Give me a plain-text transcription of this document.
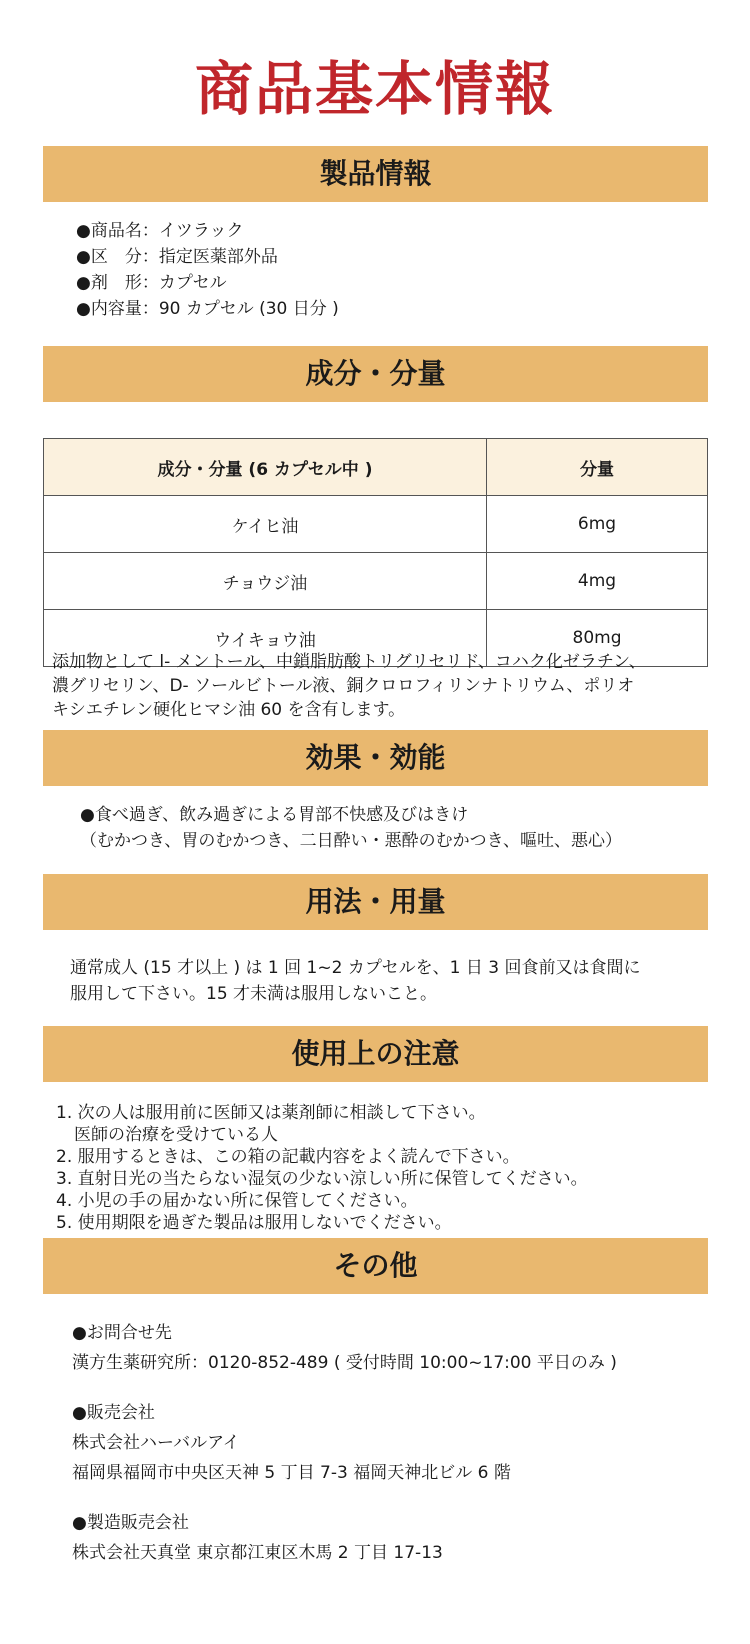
商品基本情報
製品情報
●商品名：イツラック
●区　分：指定医薬部外品
●剤　形：カプセル
●内容量：90 カプセル (30 日分 )
成分・分量
成分・分量 (6 カプセル中 )	分量
ケイヒ油	6mg
チョウジ油	4mg
ウイキョウ油	80mg
添加物として l- メントール、中鎖脂肪酸トリグリセリド、コハク化ゼラチン、
濃グリセリン、D- ソールビトール液、銅クロロフィリンナトリウム、ポリオ
キシエチレン硬化ヒマシ油 60 を含有します。
効果・効能
●食べ過ぎ、飲み過ぎによる胃部不快感及びはきけ
（むかつき、胃のむかつき、二日酔い・悪酔のむかつき、嘔吐、悪心）
用法・用量
通常成人 (15 才以上 ) は 1 回 1~2 カプセルを、1 日 3 回食前又は食間に
服用して下さい。15 才未満は服用しないこと。
使用上の注意
1. 次の人は服用前に医師又は薬剤師に相談して下さい。
医師の治療を受けている人
2. 服用するときは、この箱の記載内容をよく読んで下さい。
3. 直射日光の当たらない湿気の少ない涼しい所に保管してください。
4. 小児の手の届かない所に保管してください。
5. 使用期限を過ぎた製品は服用しないでください。
その他
●お問合せ先
漢方生薬研究所：0120-852-489 ( 受付時間 10:00~17:00 平日のみ )
●販売会社
株式会社ハーバルアイ
福岡県福岡市中央区天神 5 丁目 7-3 福岡天神北ビル 6 階
●製造販売会社
株式会社天真堂 東京都江東区木馬 2 丁目 17-13
